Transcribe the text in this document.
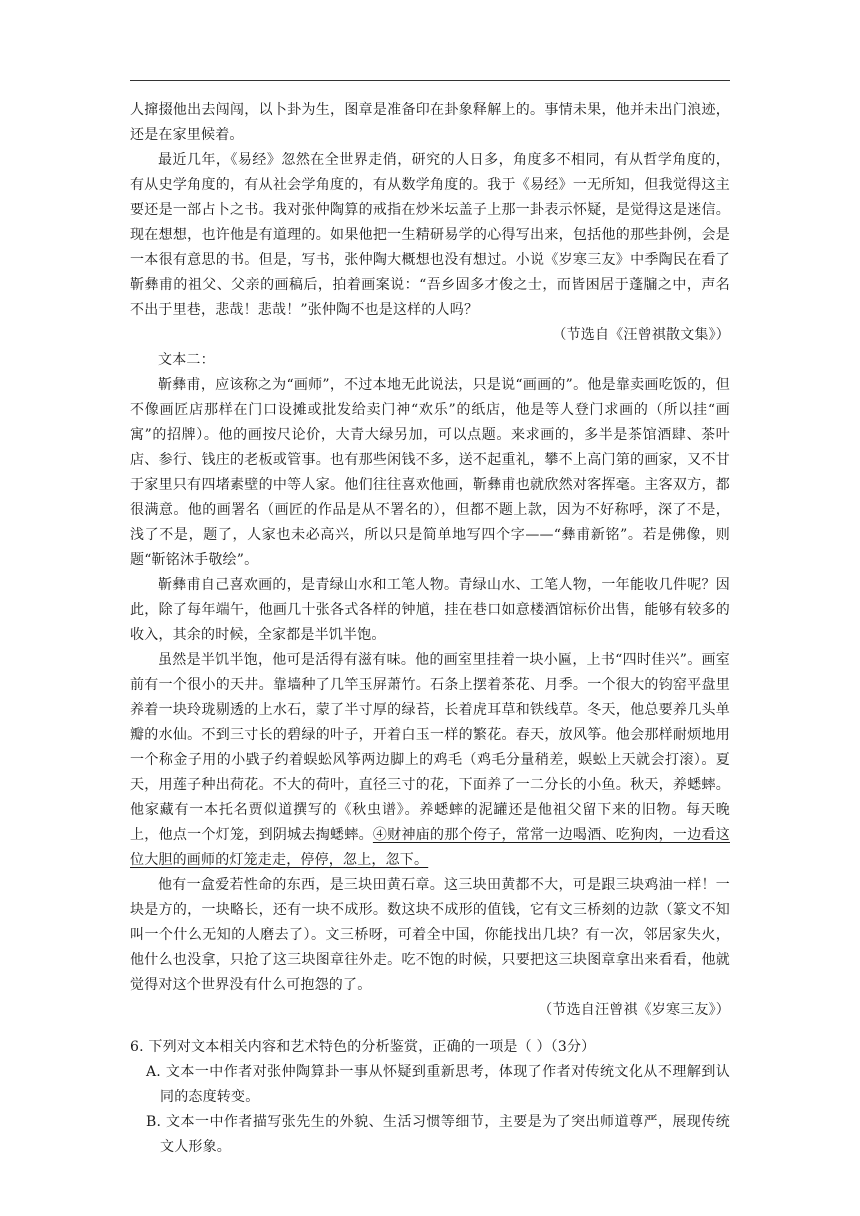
人撺掇他出去闯闯，以卜卦为生，图章是准备印在卦象释解上的。事情未果，他并未出门浪迹，还是在家里候着。

最近几年，《易经》忽然在全世界走俏，研究的人日多，角度多不相同，有从哲学角度的，有从史学角度的，有从社会学角度的，有从数学角度的。我于《易经》一无所知，但我觉得这主要还是一部占卜之书。我对张仲陶算的戒指在炒米坛盖子上那一卦表示怀疑，是觉得这是迷信。现在想想，也许他是有道理的。如果他把一生精研易学的心得写出来，包括他的那些卦例，会是一本很有意思的书。但是，写书，张仲陶大概想也没有想过。小说《岁寒三友》中季陶民在看了靳彝甫的祖父、父亲的画稿后，拍着画案说：“吾乡固多才俊之士，而皆困居于蓬牖之中，声名不出于里巷，悲哉！悲哉！”张仲陶不也是这样的人吗？

（节选自《汪曾祺散文集》）

文本二：

靳彝甫，应该称之为“画师”，不过本地无此说法，只是说“画画的”。他是靠卖画吃饭的，但不像画匠店那样在门口设摊或批发给卖门神“欢乐”的纸店，他是等人登门求画的（所以挂“画寓”的招牌）。他的画按尺论价，大青大绿另加，可以点题。来求画的，多半是茶馆酒肆、茶叶店、参行、钱庄的老板或管事。也有那些闲钱不多，送不起重礼，攀不上高门第的画家，又不甘于家里只有四堵素壁的中等人家。他们往往喜欢他画，靳彝甫也就欣然对客挥毫。主客双方，都很满意。他的画署名（画匠的作品是从不署名的），但都不题上款，因为不好称呼，深了不是，浅了不是，题了，人家也未必高兴，所以只是简单地写四个字——“彝甫新铭”。若是佛像，则题“靳铭沐手敬绘”。

靳彝甫自己喜欢画的，是青绿山水和工笔人物。青绿山水、工笔人物，一年能收几件呢？因此，除了每年端午，他画几十张各式各样的钟馗，挂在巷口如意楼酒馆标价出售，能够有较多的收入，其余的时候，全家都是半饥半饱。

虽然是半饥半饱，他可是活得有滋有味。他的画室里挂着一块小匾，上书“四时佳兴”。画室前有一个很小的天井。靠墙种了几竿玉屏萧竹。石条上摆着茶花、月季。一个很大的钧窑平盘里养着一块玲珑剔透的上水石，蒙了半寸厚的绿苔，长着虎耳草和铁线草。冬天，他总要养几头单瓣的水仙。不到三寸长的碧绿的叶子，开着白玉一样的繁花。春天，放风筝。他会那样耐烦地用一个称金子用的小戥子约着蜈蚣风筝两边脚上的鸡毛（鸡毛分量稍差，蜈蚣上天就会打滚）。夏天，用莲子种出荷花。不大的荷叶，直径三寸的花，下面养了一二分长的小鱼。秋天，养蟋蟀。他家藏有一本托名贾似道撰写的《秋虫谱》。养蟋蟀的泥罐还是他祖父留下来的旧物。每天晚上，他点一个灯笼，到阴城去掏蟋蟀。④财神庙的那个侉子，常常一边喝酒、吃狗肉，一边看这位大胆的画师的灯笼走走，停停，忽上，忽下。

他有一盒爱若性命的东西，是三块田黄石章。这三块田黄都不大，可是跟三块鸡油一样！一块是方的，一块略长，还有一块不成形。数这块不成形的值钱，它有文三桥刻的边款（篆文不知叫一个什么无知的人磨去了）。文三桥呀，可着全中国，你能找出几块？有一次，邻居家失火，他什么也没拿，只抢了这三块图章往外走。吃不饱的时候，只要把这三块图章拿出来看看，他就觉得对这个世界没有什么可抱怨的了。

（节选自汪曾祺《岁寒三友》）

6. 下列对文本相关内容和艺术特色的分析鉴赏，正确的一项是（ ）（3分）

A. 文本一中作者对张仲陶算卦一事从怀疑到重新思考，体现了作者对传统文化从不理解到认同的态度转变。

B. 文本一中作者描写张先生的外貌、生活习惯等细节，主要是为了突出师道尊严，展现传统文人形象。
